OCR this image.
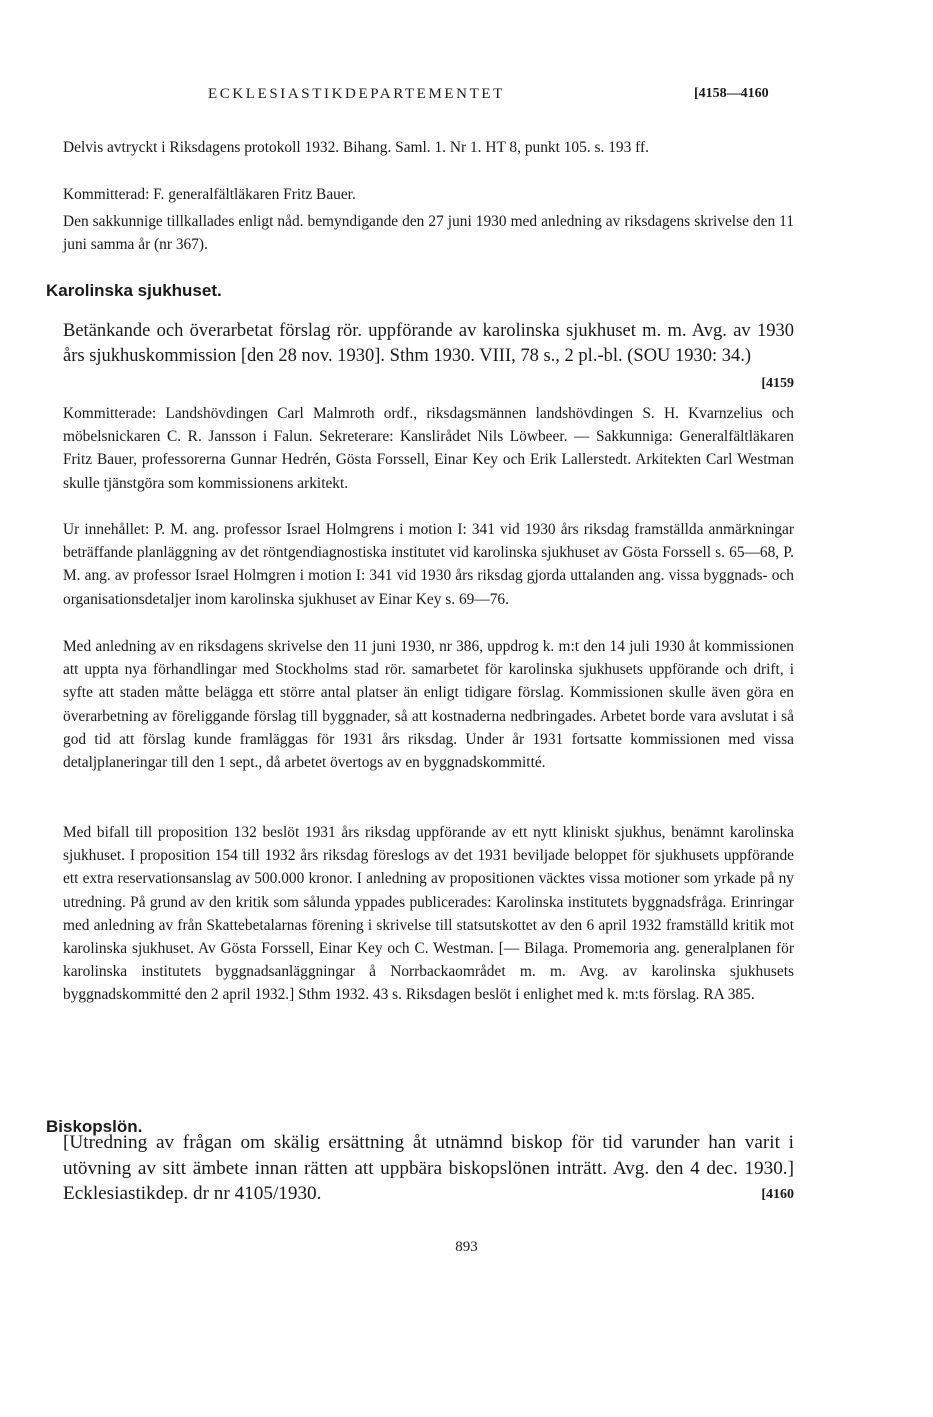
ECKLESIASTIKDEPARTEMENTET	[4158—4160

Delvis avtryckt i Riksdagens protokoll 1932. Bihang. Saml. 1. Nr 1. HT 8, punkt 105. s. 193 ff.

Kommitterad: F. generalfältläkaren Fritz Bauer.

Den sakkunnige tillkallades enligt nåd. bemyndigande den 27 juni 1930 med anledning av riksdagens skrivelse den 11 juni samma år (nr 367).

Karolinska sjukhuset.

[4159
Betänkande och överarbetat förslag rör. uppförande av karolinska sjukhuset m. m. Avg. av 1930 års sjukhuskommission [den 28 nov. 1930]. Sthm 1930. VIII, 78 s., 2 pl.-bl. (SOU 1930: 34.)

Kommitterade: Landshövdingen Carl Malmroth ordf., riksdagsmännen landshövdingen S. H. Kvarnzelius och möbelsnickaren C. R. Jansson i Falun. Sekreterare: Kanslirådet Nils Löwbeer. — Sakkunniga: Generalfältläkaren Fritz Bauer, professorerna Gunnar Hedrén, Gösta Forssell, Einar Key och Erik Lallerstedt. Arkitekten Carl Westman skulle tjänstgöra som kommissionens arkitekt.

Ur innehållet: P. M. ang. professor Israel Holmgrens i motion I: 341 vid 1930 års riksdag framställda anmärkningar beträffande planläggning av det röntgendiagnostiska institutet vid karolinska sjukhuset av Gösta Forssell s. 65—68, P. M. ang. av professor Israel Holmgren i motion I: 341 vid 1930 års riksdag gjorda uttalanden ang. vissa byggnads- och organisationsdetaljer inom karolinska sjukhuset av Einar Key s. 69—76.

Med anledning av en riksdagens skrivelse den 11 juni 1930, nr 386, uppdrog k. m:t den 14 juli 1930 åt kommissionen att uppta nya förhandlingar med Stockholms stad rör. samarbetet för karolinska sjukhusets uppförande och drift, i syfte att staden måtte belägga ett större antal platser än enligt tidigare förslag. Kommissionen skulle även göra en överarbetning av föreliggande förslag till byggnader, så att kostnaderna nedbringades. Arbetet borde vara avslutat i så god tid att förslag kunde framläggas för 1931 års riksdag. Under år 1931 fortsatte kommissionen med vissa detaljplaneringar till den 1 sept., då arbetet övertogs av en byggnadskommitté.

Med bifall till proposition 132 beslöt 1931 års riksdag uppförande av ett nytt kliniskt sjukhus, benämnt karolinska sjukhuset. I proposition 154 till 1932 års riksdag föreslogs av det 1931 beviljade beloppet för sjukhusets uppförande ett extra reservationsanslag av 500.000 kronor. I anledning av propositionen väcktes vissa motioner som yrkade på ny utredning. På grund av den kritik som sålunda yppades publicerades: Karolinska institutets byggnadsfråga. Erinringar med anledning av från Skattebetalarnas förening i skrivelse till statsutskottet av den 6 april 1932 framställd kritik mot karolinska sjukhuset. Av Gösta Forssell, Einar Key och C. Westman. [— Bilaga. Promemoria ang. generalplanen för karolinska institutets byggnadsanläggningar å Norrbackaområdet m. m. Avg. av karolinska sjukhusets byggnadskommitté den 2 april 1932.] Sthm 1932. 43 s. Riksdagen beslöt i enlighet med k. m:ts förslag. RA 385.

Biskopslön.

[4160
[Utredning av frågan om skälig ersättning åt utnämnd biskop för tid varunder han varit i utövning av sitt ämbete innan rätten att uppbära biskopslönen inträtt. Avg. den 4 dec. 1930.] Ecklesiastikdep. dr nr 4105/1930.

893
